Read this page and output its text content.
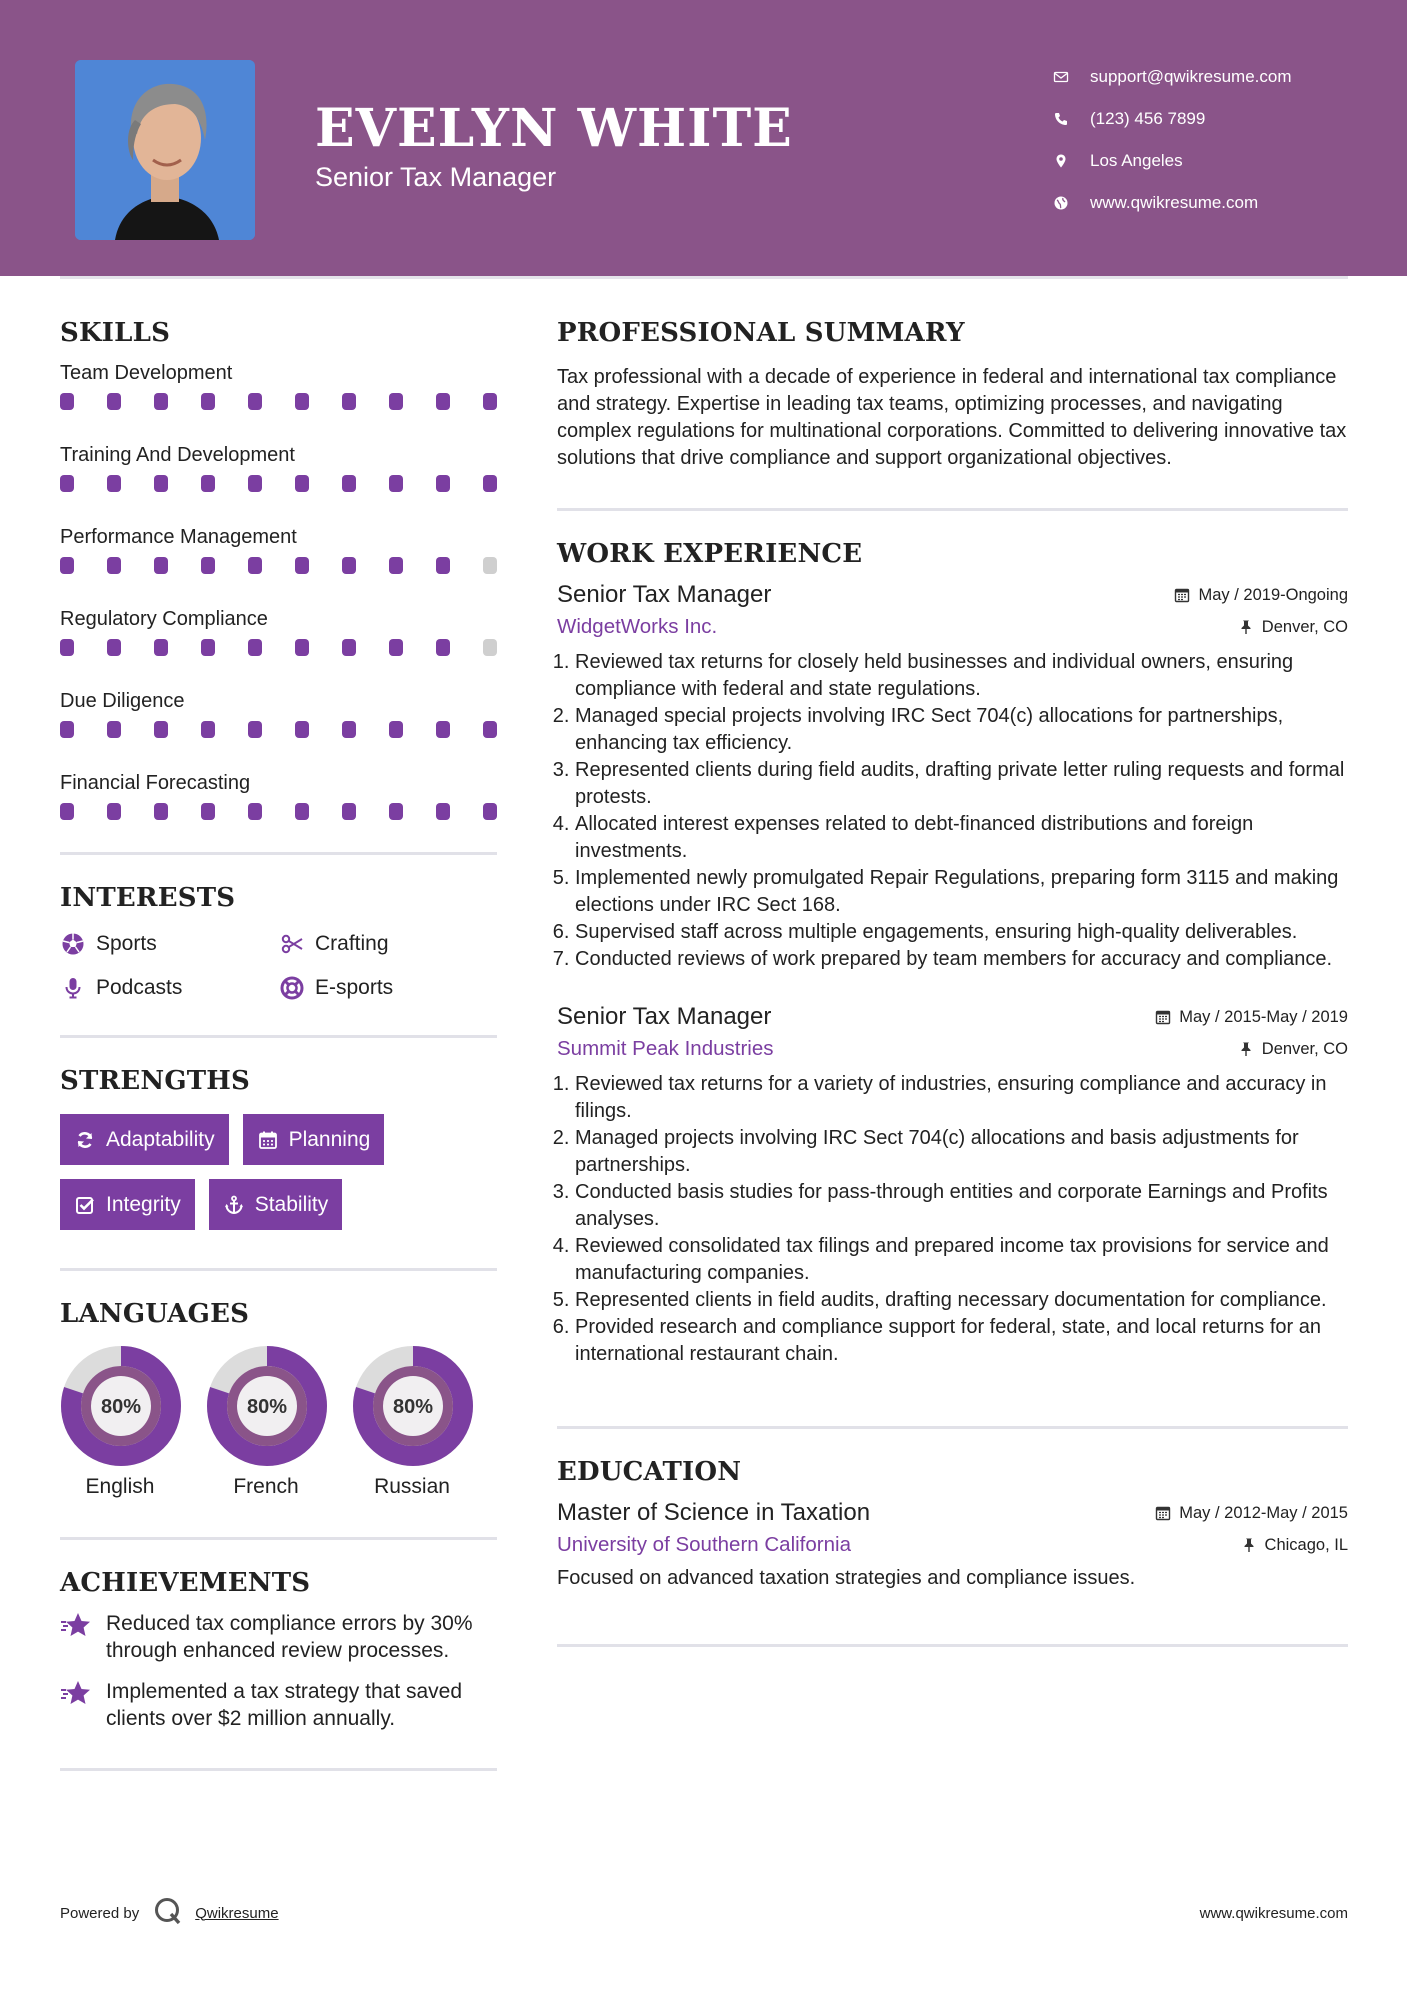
EVELYN WHITE
Senior Tax Manager
support@qwikresume.com
(123) 456 7899
Los Angeles
www.qwikresume.com
SKILLS
Team Development
Training And Development
Performance Management
Regulatory Compliance
Due Diligence
Financial Forecasting
INTERESTS
Sports	Crafting
Podcasts	E-sports
STRENGTHS
Adaptability	Planning
Integrity	Stability
LANGUAGES
80%
English
80%
French
80%
Russian
ACHIEVEMENTS
Reduced tax compliance errors by 30% through enhanced review processes.
Implemented a tax strategy that saved clients over $2 million annually.
PROFESSIONAL SUMMARY

Tax professional with a decade of experience in federal and international tax compliance and strategy. Expertise in leading tax teams, optimizing processes, and navigating complex regulations for multinational corporations. Committed to delivering innovative tax solutions that drive compliance and support organizational objectives.

WORK EXPERIENCE
Senior Tax Manager	May / 2019-Ongoing
WidgetWorks Inc.	Denver, CO
1. Reviewed tax returns for closely held businesses and individual owners, ensuring compliance with federal and state regulations.
2. Managed special projects involving IRC Sect 704(c) allocations for partnerships, enhancing tax efficiency.
3. Represented clients during field audits, drafting private letter ruling requests and formal protests.
4. Allocated interest expenses related to debt-financed distributions and foreign investments.
5. Implemented newly promulgated Repair Regulations, preparing form 3115 and making elections under IRC Sect 168.
6. Supervised staff across multiple engagements, ensuring high-quality deliverables.
7. Conducted reviews of work prepared by team members for accuracy and compliance.
Senior Tax Manager	May / 2015-May / 2019
Summit Peak Industries	Denver, CO
1. Reviewed tax returns for a variety of industries, ensuring compliance and accuracy in filings.
2. Managed projects involving IRC Sect 704(c) allocations and basis adjustments for partnerships.
3. Conducted basis studies for pass-through entities and corporate Earnings and Profits analyses.
4. Reviewed consolidated tax filings and prepared income tax provisions for service and manufacturing companies.
5. Represented clients in field audits, drafting necessary documentation for compliance.
6. Provided research and compliance support for federal, state, and local returns for an international restaurant chain.
EDUCATION
Master of Science in Taxation	May / 2012-May / 2015
University of Southern California	Chicago, IL

Focused on advanced taxation strategies and compliance issues.

Powered by	Qwikresume	www.qwikresume.com
